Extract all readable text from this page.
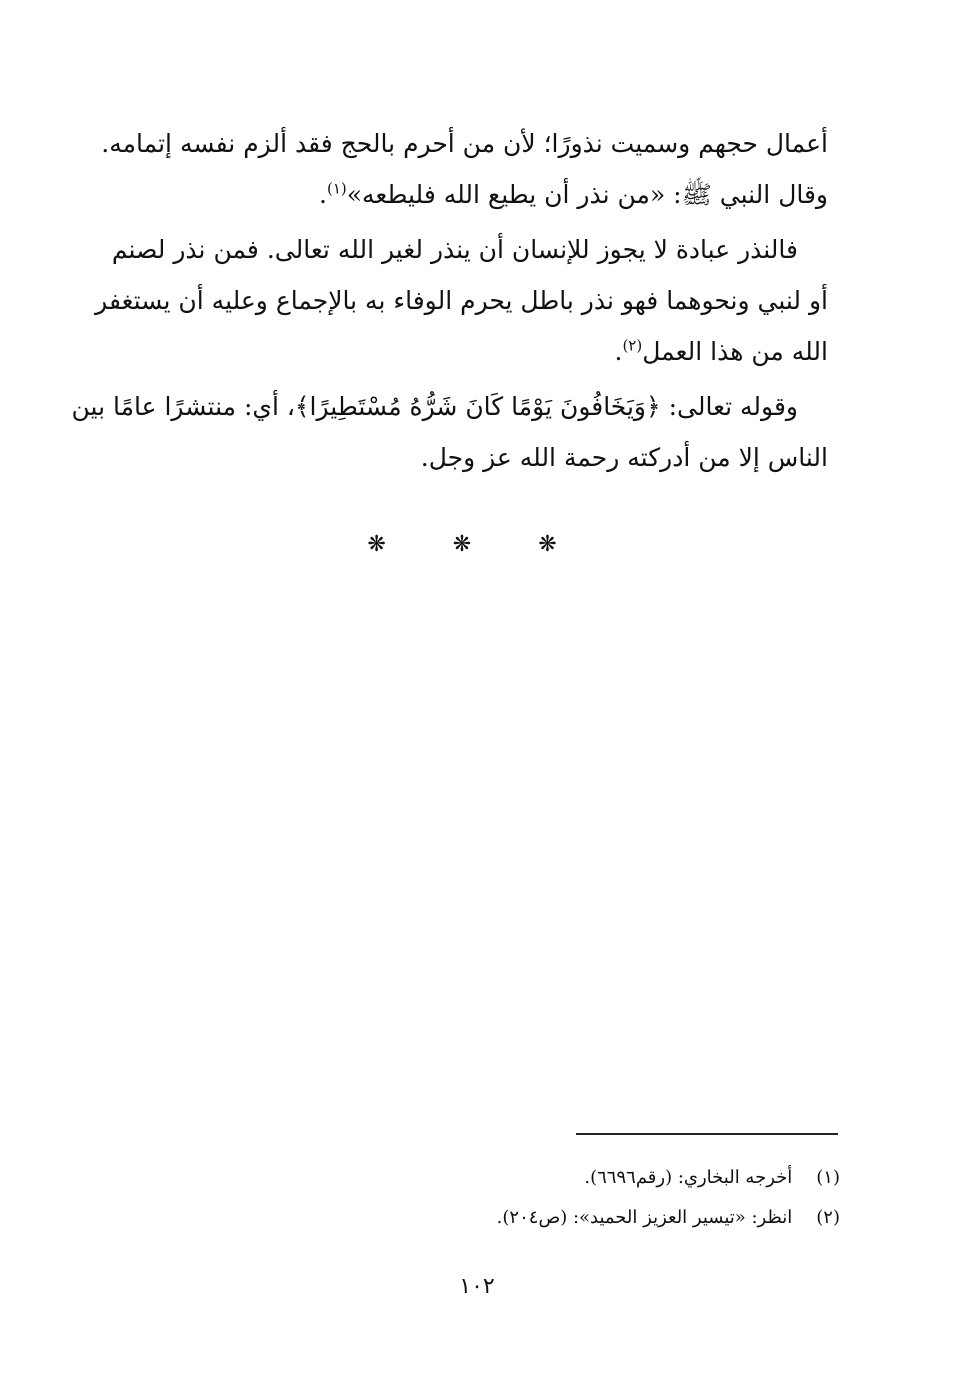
أعمال حجهم وسميت نذورًا؛ لأن من أحرم بالحج فقد ألزم نفسه إتمامه.
وقال النبي ﷺ: «من نذر أن يطيع الله فليطعه»$^{(١)}$.
فالنذر عبادة لا يجوز للإنسان أن ينذر لغير الله تعالى. فمن نذر لصنم
أو لنبي ونحوهما فهو نذر باطل يحرم الوفاء به بالإجماع وعليه أن يستغفر
الله من هذا العمل$^{(٢)}$.
وقوله تعالى: ﴿وَيَخَافُونَ يَوْمًا كَانَ شَرُّهُ مُسْتَطِيرًا﴾، أي: منتشرًا عامًا بين
الناس إلا من أدركته رحمة الله عز وجل.
❋ ❋ ❋
(١) أخرجه البخاري: (رقم٦٦٩٦).
(٢) انظر: «تيسير العزيز الحميد»: (ص٢٠٤).
١٠٢
